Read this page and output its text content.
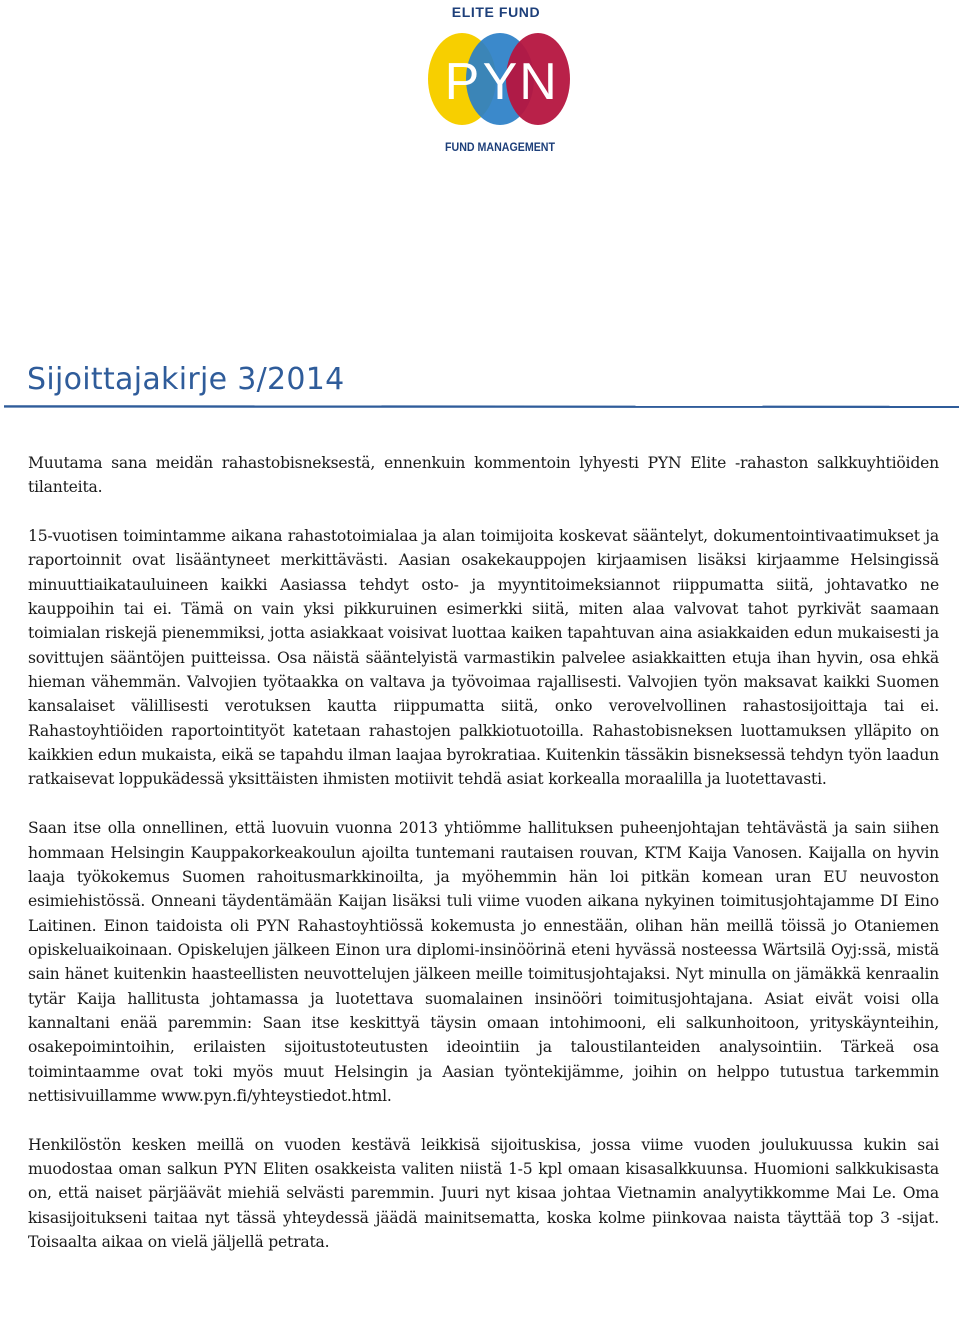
ELITE FUND
P Y N
FUND MANAGEMENT
Sijoittajakirje 3/2014

Muutama sana meidän rahastobisneksestä, ennenkuin kommentoin lyhyesti PYN Elite -rahaston salkkuyhtiöiden tilanteita.

15-vuotisen toimintamme aikana rahastotoimialaa ja alan toimijoita koskevat sääntelyt, dokumentointivaatimukset ja raportoinnit ovat lisääntyneet merkittävästi. Aasian osakekauppojen kirjaamisen lisäksi kirjaamme Helsingissä minuuttiaikatauluineen kaikki Aasiassa tehdyt osto- ja myyntitoimeksiannot riippumatta siitä, johtavatko ne kauppoihin tai ei. Tämä on vain yksi pikkuruinen esimerkki siitä, miten alaa valvovat tahot pyrkivät saamaan toimialan riskejä pienemmiksi, jotta asiakkaat voisivat luottaa kaiken tapahtuvan aina asiakkaiden edun mukaisesti ja sovittujen sääntöjen puitteissa. Osa näistä sääntelyistä varmastikin palvelee asiakkaitten etuja ihan hyvin, osa ehkä hieman vähemmän. Valvojien työtaakka on valtava ja työvoimaa rajallisesti. Valvojien työn maksavat kaikki Suomen kansalaiset välillisesti verotuksen kautta riippumatta siitä, onko verovelvollinen rahastosijoittaja tai ei. Rahastoyhtiöiden raportointityöt katetaan rahastojen palkkiotuotoilla. Rahastobisneksen luottamuksen ylläpito on kaikkien edun mukaista, eikä se tapahdu ilman laajaa byrokratiaa. Kuitenkin tässäkin bisneksessä tehdyn työn laadun ratkaisevat loppukädessä yksittäisten ihmisten motiivit tehdä asiat korkealla moraalilla ja luotettavasti.

Saan itse olla onnellinen, että luovuin vuonna 2013 yhtiömme hallituksen puheenjohtajan tehtävästä ja sain siihen hommaan Helsingin Kauppakorkeakoulun ajoilta tuntemani rautaisen rouvan, KTM Kaija Vanosen. Kaijalla on hyvin laaja työkokemus Suomen rahoitusmarkkinoilta, ja myöhemmin hän loi pitkän komean uran EU neuvoston esimiehistössä. Onneani täydentämään Kaijan lisäksi tuli viime vuoden aikana nykyinen toimitusjohtajamme DI Eino Laitinen. Einon taidoista oli PYN Rahastoyhtiössä kokemusta jo ennestään, olihan hän meillä töissä jo Otaniemen opiskeluaikoinaan. Opiskelujen jälkeen Einon ura diplomi-insinöörinä eteni hyvässä nosteessa Wärtsilä Oyj:ssä, mistä sain hänet kuitenkin haasteellisten neuvottelujen jälkeen meille toimitusjohtajaksi. Nyt minulla on jämäkkä kenraalin tytär Kaija hallitusta johtamassa ja luotettava suomalainen insinööri toimitusjohtajana. Asiat eivät voisi olla kannaltani enää paremmin: Saan itse keskittyä täysin omaan intohimooni, eli salkunhoitoon, yrityskäynteihin, osakepoimintoihin, erilaisten sijoitustoteutusten ideointiin ja taloustilanteiden analysointiin. Tärkeä osa toimintaamme ovat toki myös muut Helsingin ja Aasian työntekijämme, joihin on helppo tutustua tarkemmin nettisivuillamme www.pyn.fi/yhteystiedot.html.

Henkilöstön kesken meillä on vuoden kestävä leikkisä sijoituskisa, jossa viime vuoden joulukuussa kukin sai muodostaa oman salkun PYN Eliten osakkeista valiten niistä 1-5 kpl omaan kisasalkkuunsa. Huomioni salkkukisasta on, että naiset pärjäävät miehiä selvästi paremmin. Juuri nyt kisaa johtaa Vietnamin analyytikkomme Mai Le. Oma kisasijoitukseni taitaa nyt tässä yhteydessä jäädä mainitsematta, koska kolme piinkovaa naista täyttää top 3 -sijat. Toisaalta aikaa on vielä jäljellä petrata.
